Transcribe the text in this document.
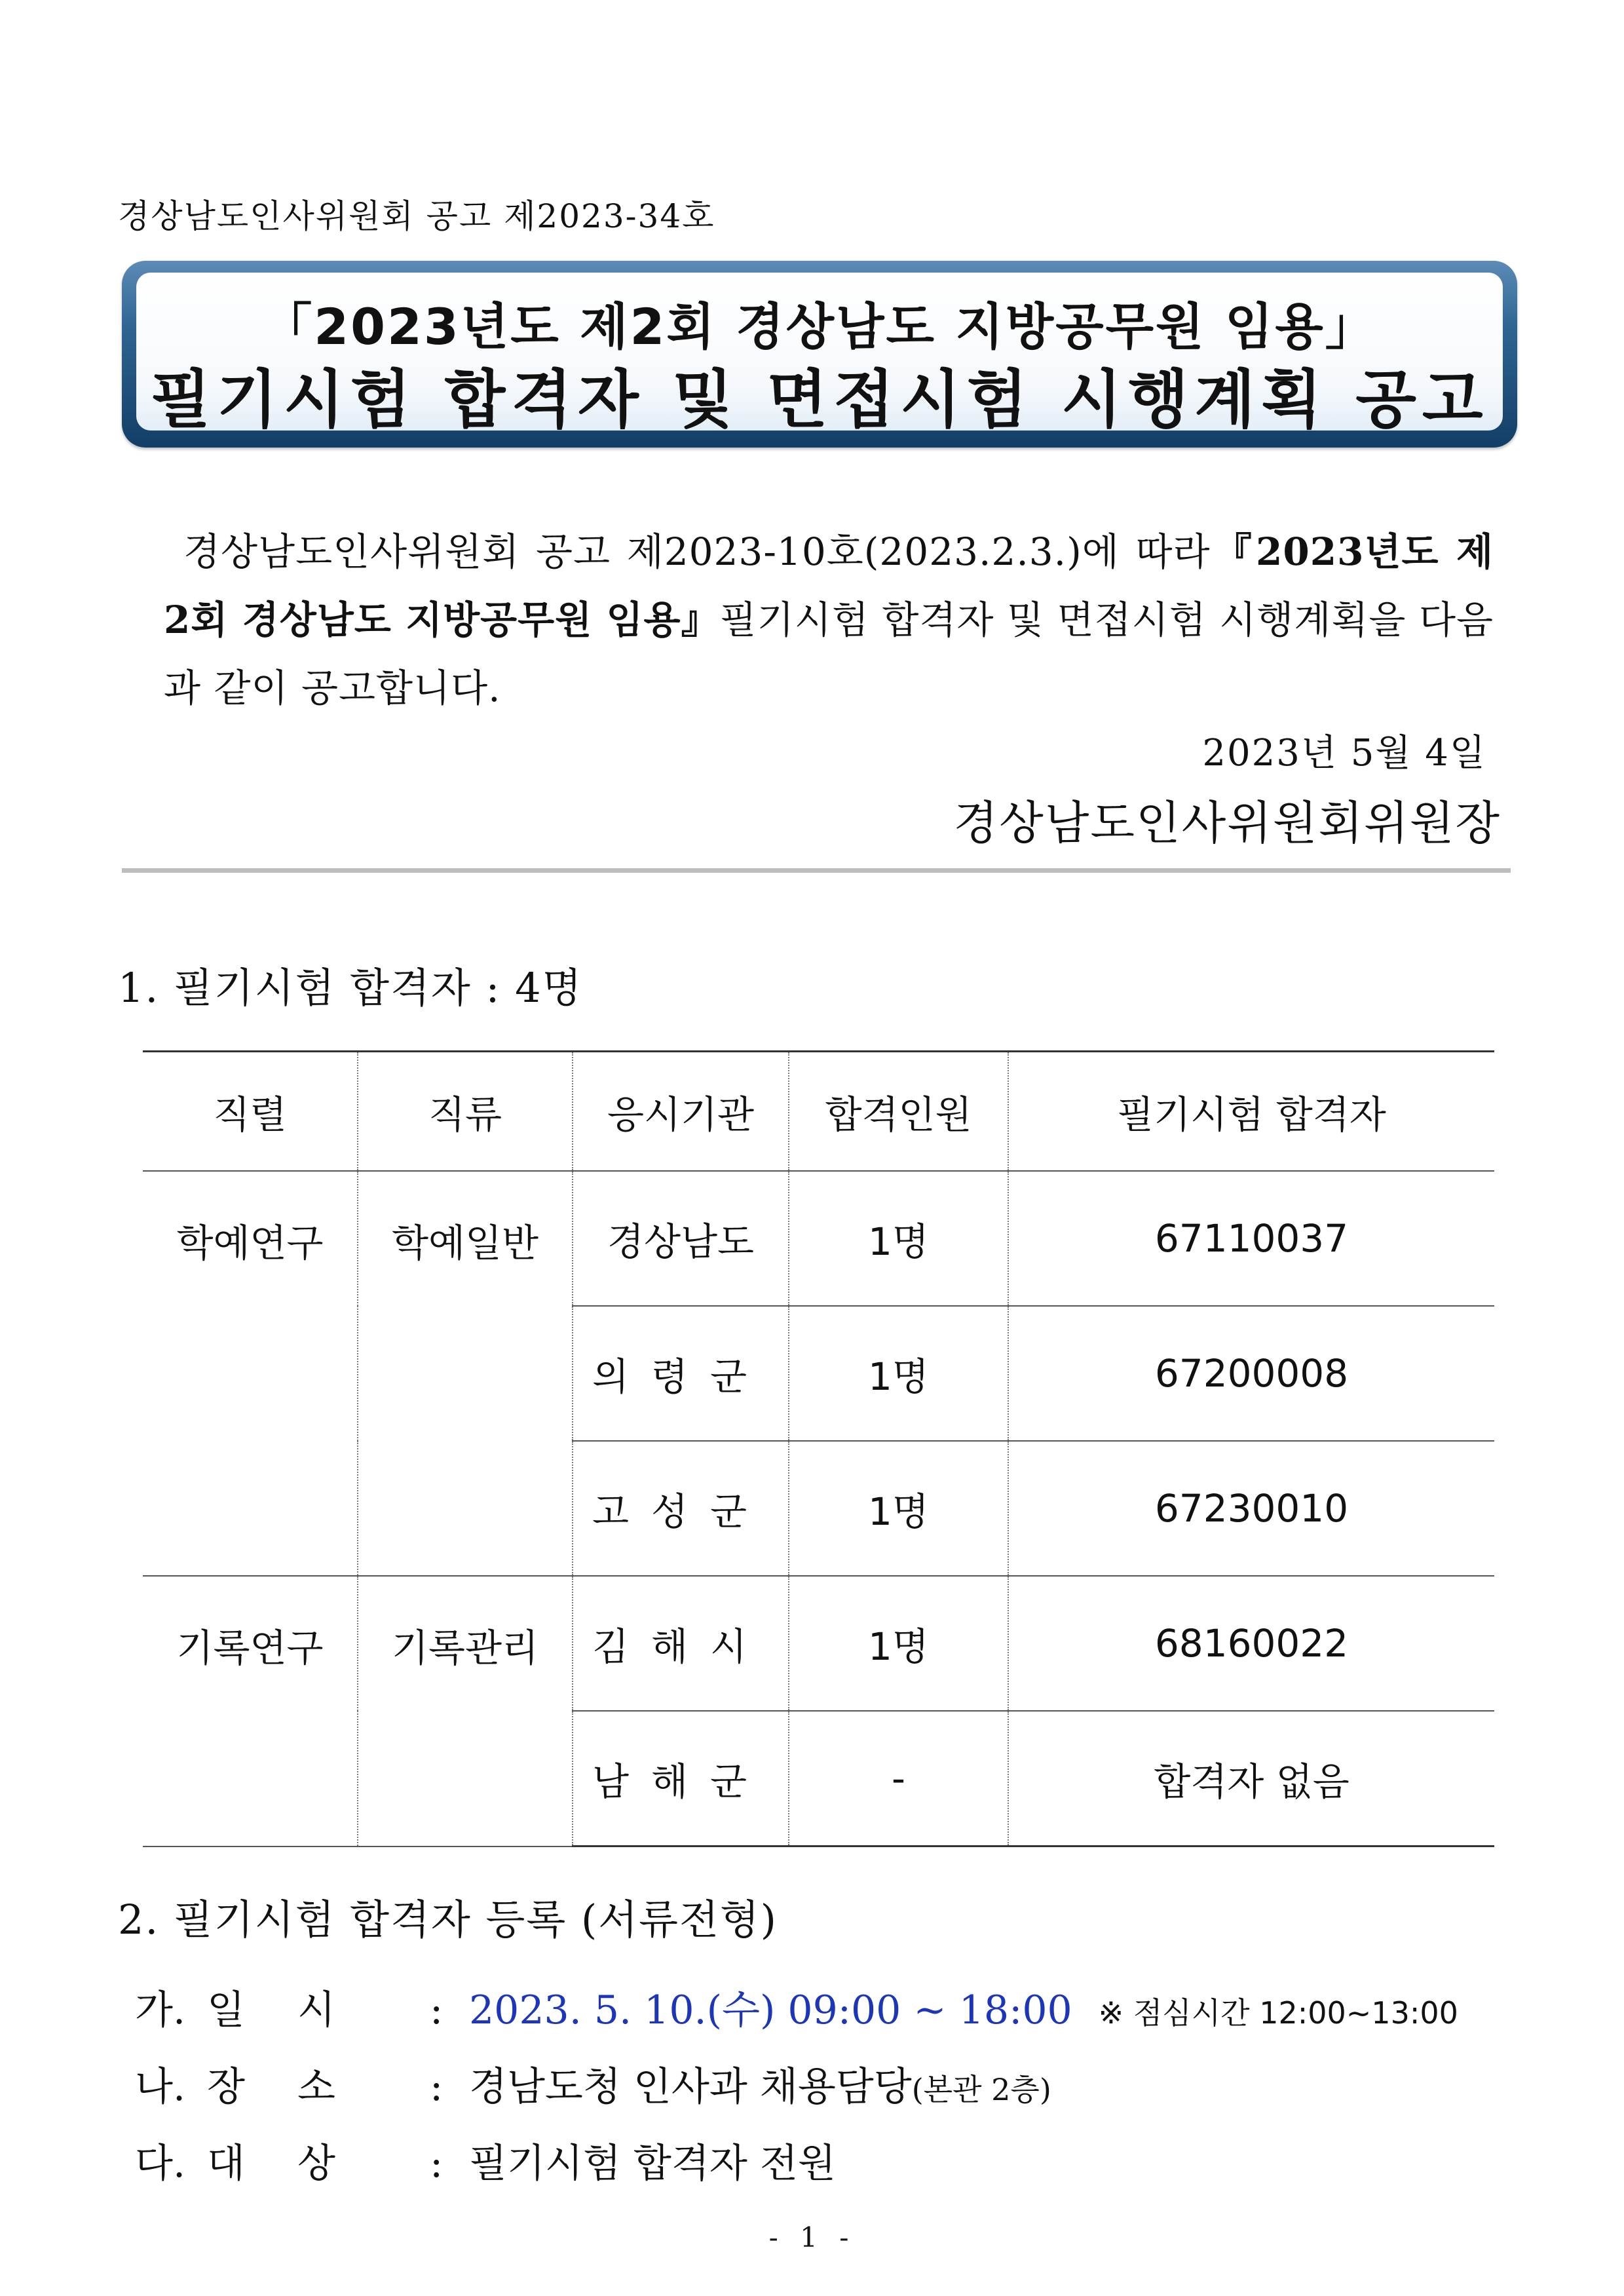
경상남도인사위원회 공고 제2023-34호
「2023년도 제2회 경상남도 지방공무원 임용」
필기시험 합격자 및 면접시험 시행계획 공고
경상남도인사위원회 공고 제2023-10호(2023.2.3.)에 따라『2023년도 제2회 경상남도 지방공무원 임용』필기시험 합격자 및 면접시험 시행계획을 다음과 같이 공고합니다.
2023년 5월 4일
경상남도인사위원회위원장
1. 필기시험 합격자 : 4명
직렬	직류	응시기관	합격인원	필기시험 합격자
학예연구	학예일반	경상남도	1명	67110037
		의령군	1명	67200008
		고성군	1명	67230010
기록연구	기록관리	김해시	1명	68160022
		남해군	-	합격자 없음
2. 필기시험 합격자 등록 (서류전형)
가. 일시 : 2023. 5. 10.(수) 09:00 ~ 18:00 ※ 점심시간 12:00~13:00
나. 장소 : 경남도청 인사과 채용담당(본관 2층)
다. 대상 : 필기시험 합격자 전원
- 1 -
